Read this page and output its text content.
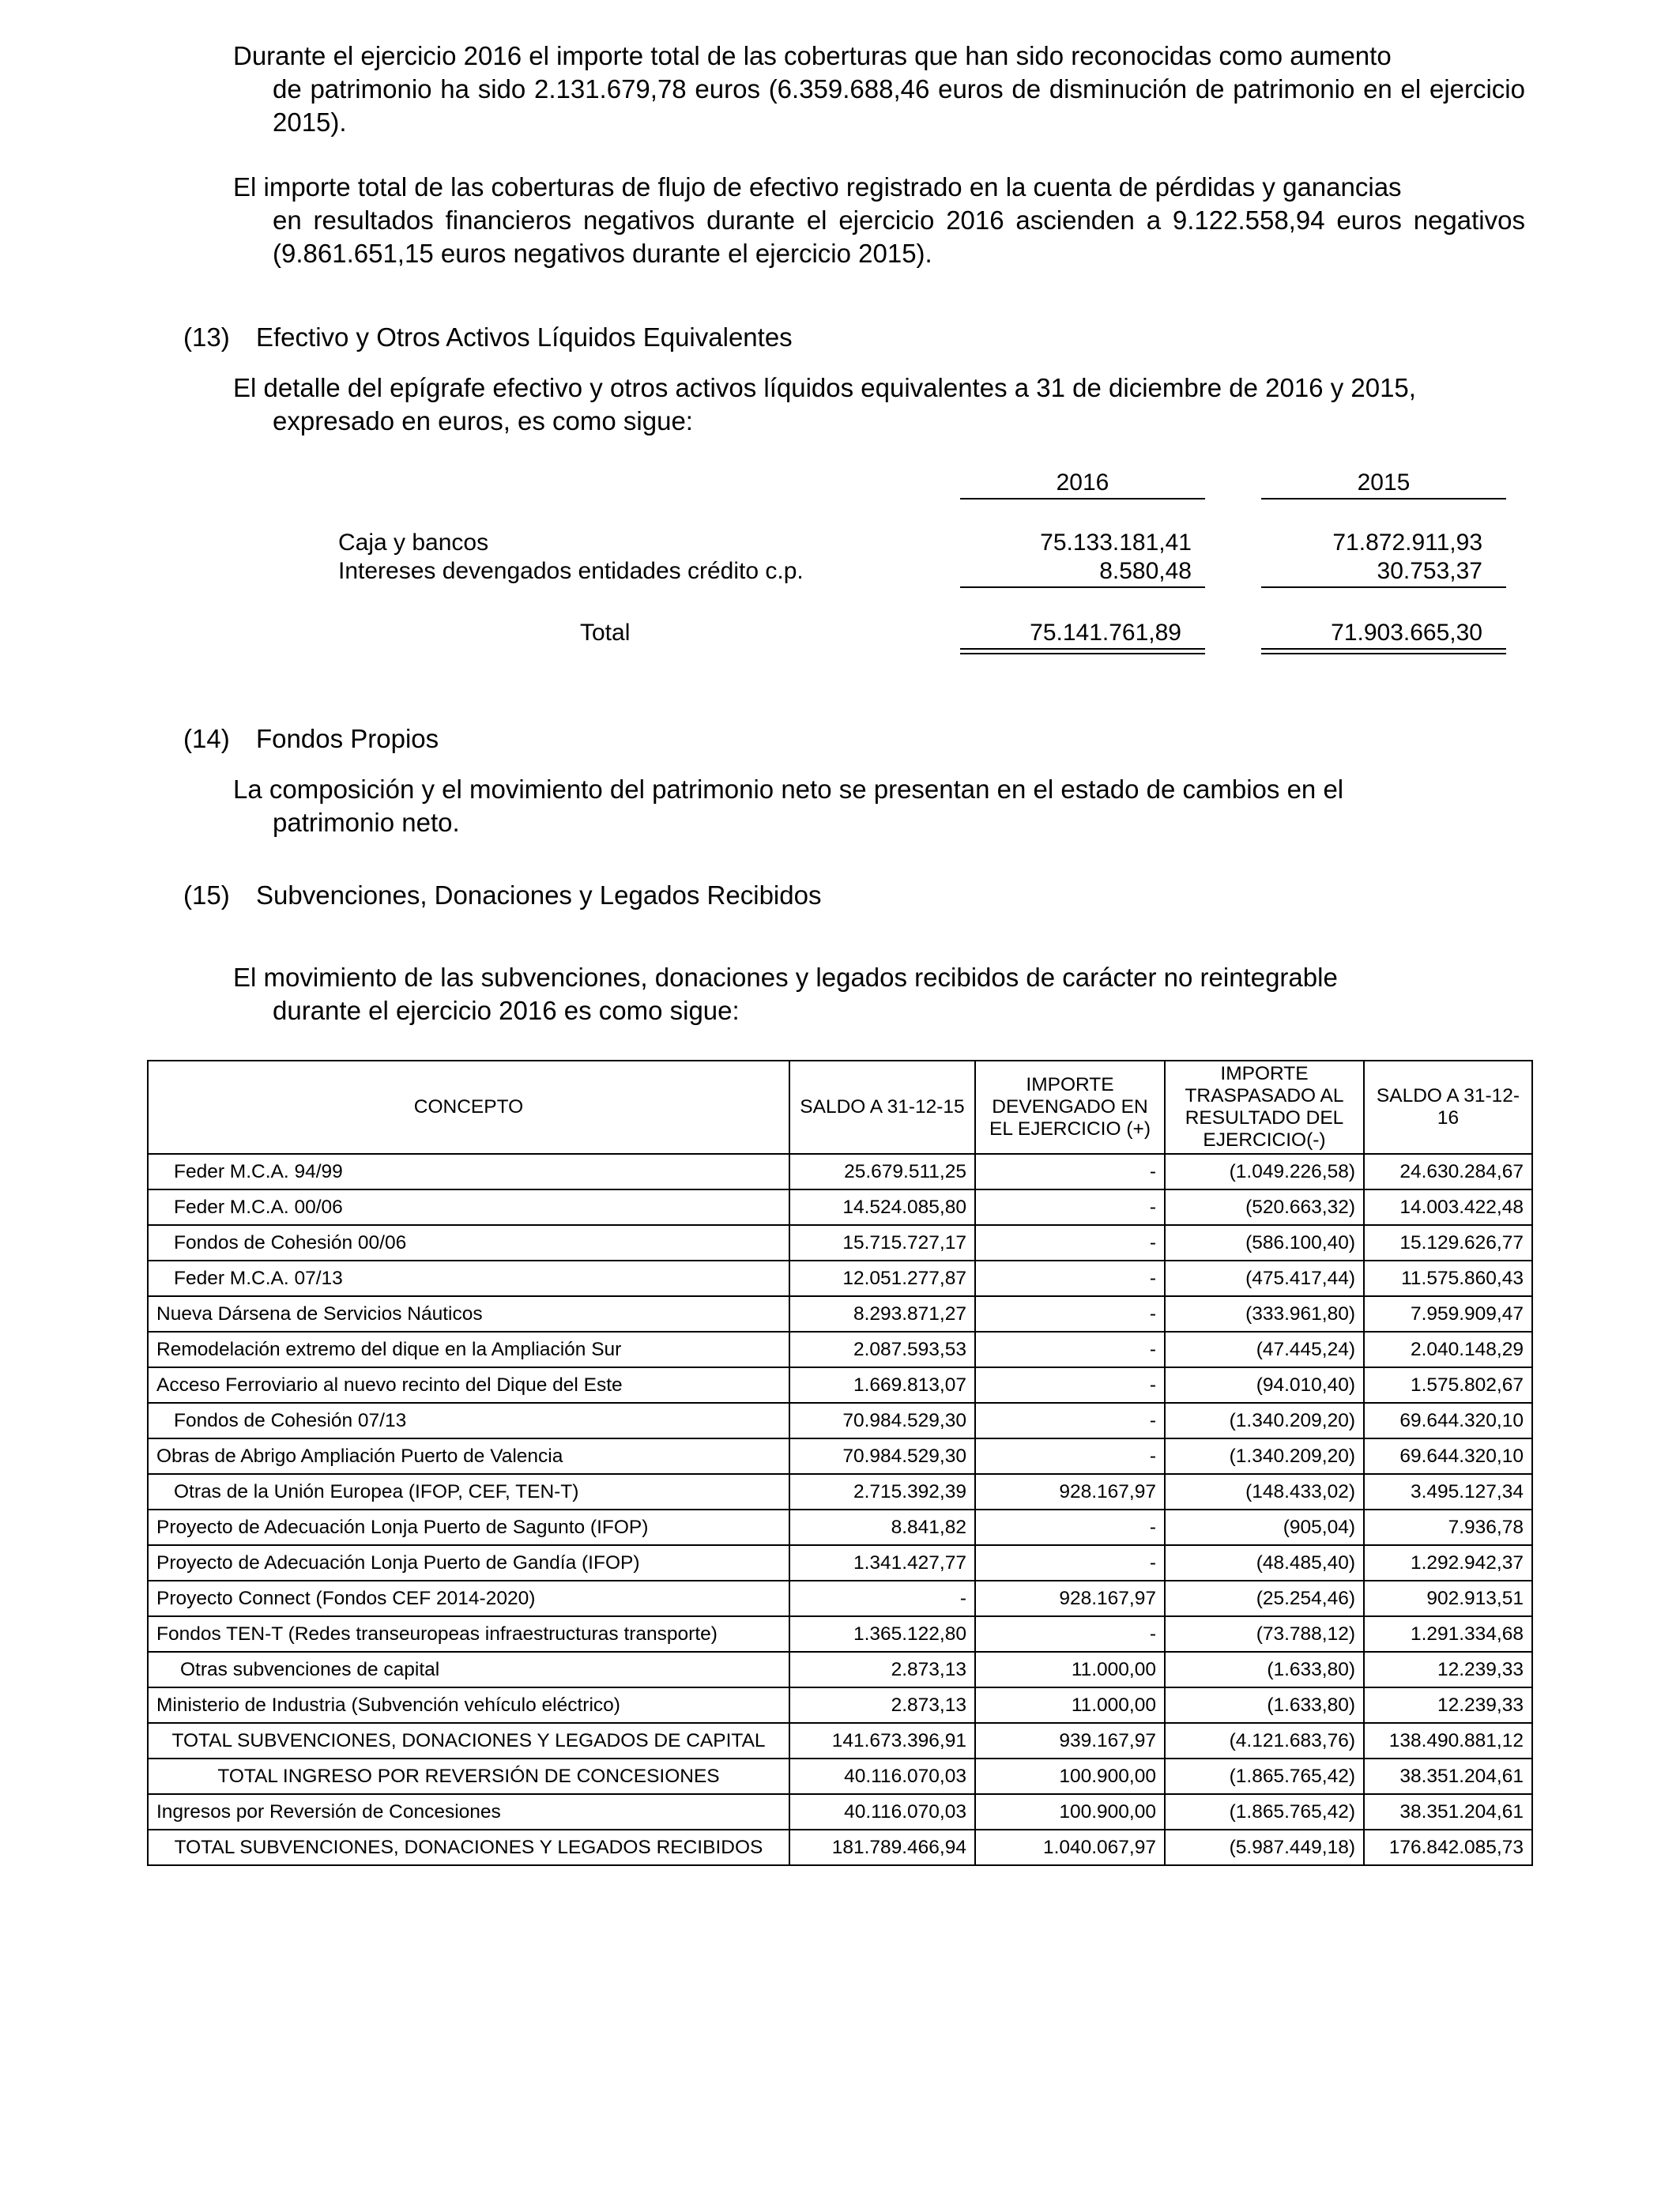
Durante el ejercicio 2016 el importe total de las coberturas que han sido reconocidas como aumento
de patrimonio ha sido 2.131.679,78 euros (6.359.688,46 euros de disminución de patrimonio en el ejercicio 2015).
El importe total de las coberturas de flujo de efectivo registrado en la cuenta de pérdidas y ganancias
en resultados financieros negativos durante el ejercicio 2016 ascienden a 9.122.558,94 euros negativos (9.861.651,15 euros negativos durante el ejercicio 2015).
(13) Efectivo y Otros Activos Líquidos Equivalentes
El detalle del epígrafe efectivo y otros activos líquidos equivalentes a 31 de diciembre de 2016 y 2015,
expresado en euros, es como sigue:
2016	2015
Caja y bancos	75.133.181,41	71.872.911,93
Intereses devengados entidades crédito c.p.	8.580,48	30.753,37
Total	75.141.761,89	71.903.665,30
(14) Fondos Propios
La composición y el movimiento del patrimonio neto se presentan en el estado de cambios en el
patrimonio neto.
(15) Subvenciones, Donaciones y Legados Recibidos
El movimiento de las subvenciones, donaciones y legados recibidos de carácter no reintegrable
durante el ejercicio 2016 es como sigue:
CONCEPTO	SALDO A 31-12-15	IMPORTE DEVENGADO EN EL EJERCICIO (+)	IMPORTE TRASPASADO AL RESULTADO DEL EJERCICIO(-)	SALDO A 31-12-16
Feder M.C.A. 94/99	25.679.511,25	-	(1.049.226,58)	24.630.284,67
Feder M.C.A. 00/06	14.524.085,80	-	(520.663,32)	14.003.422,48
Fondos de Cohesión 00/06	15.715.727,17	-	(586.100,40)	15.129.626,77
Feder M.C.A. 07/13	12.051.277,87	-	(475.417,44)	11.575.860,43
Nueva Dársena de Servicios Náuticos	8.293.871,27	-	(333.961,80)	7.959.909,47
Remodelación extremo del dique en la Ampliación Sur	2.087.593,53	-	(47.445,24)	2.040.148,29
Acceso Ferroviario al nuevo recinto del Dique del Este	1.669.813,07	-	(94.010,40)	1.575.802,67
Fondos de Cohesión 07/13	70.984.529,30	-	(1.340.209,20)	69.644.320,10
Obras de Abrigo Ampliación Puerto de Valencia	70.984.529,30	-	(1.340.209,20)	69.644.320,10
Otras de la Unión Europea (IFOP, CEF, TEN-T)	2.715.392,39	928.167,97	(148.433,02)	3.495.127,34
Proyecto de Adecuación Lonja Puerto de Sagunto (IFOP)	8.841,82	-	(905,04)	7.936,78
Proyecto de Adecuación Lonja Puerto de Gandía (IFOP)	1.341.427,77	-	(48.485,40)	1.292.942,37
Proyecto Connect (Fondos CEF 2014-2020)	-	928.167,97	(25.254,46)	902.913,51
Fondos TEN-T (Redes transeuropeas infraestructuras transporte)	1.365.122,80	-	(73.788,12)	1.291.334,68
Otras subvenciones de capital	2.873,13	11.000,00	(1.633,80)	12.239,33
Ministerio de Industria (Subvención vehículo eléctrico)	2.873,13	11.000,00	(1.633,80)	12.239,33
TOTAL SUBVENCIONES, DONACIONES Y LEGADOS DE CAPITAL	141.673.396,91	939.167,97	(4.121.683,76)	138.490.881,12
TOTAL INGRESO POR REVERSIÓN DE CONCESIONES	40.116.070,03	100.900,00	(1.865.765,42)	38.351.204,61
Ingresos por Reversión de Concesiones	40.116.070,03	100.900,00	(1.865.765,42)	38.351.204,61
TOTAL SUBVENCIONES, DONACIONES Y LEGADOS RECIBIDOS	181.789.466,94	1.040.067,97	(5.987.449,18)	176.842.085,73
